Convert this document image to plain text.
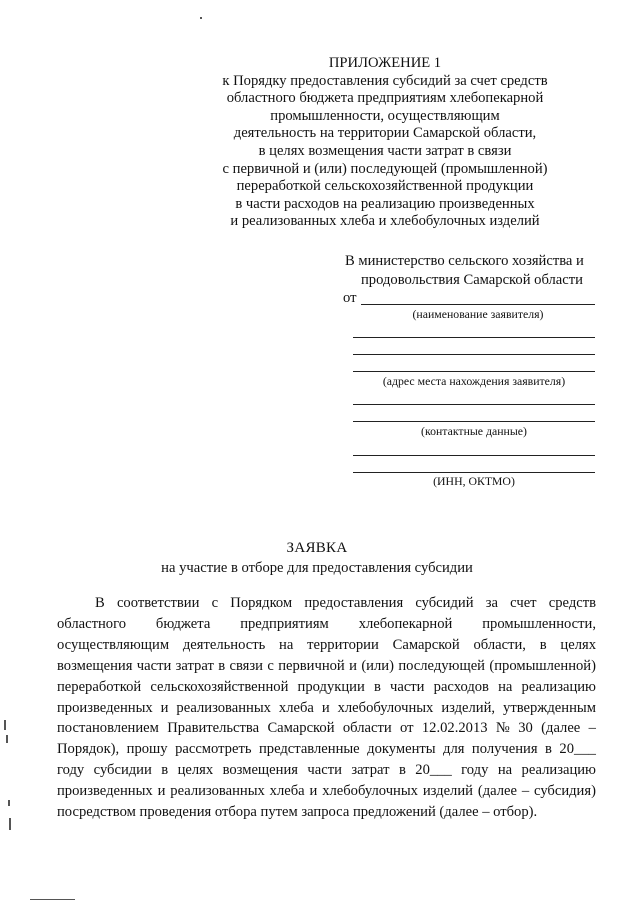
ПРИЛОЖЕНИЕ 1

к Порядку предоставления субсидий за счет средств

областного бюджета предприятиям хлебопекарной

промышленности, осуществляющим

деятельность на территории Самарской области,

в целях возмещения части затрат в связи

с первичной и (или) последующей (промышленной)

переработкой сельскохозяйственной продукции

в части расходов на реализацию произведенных

и реализованных хлеба и хлебобулочных изделий

В министерство сельского хозяйства и
продовольствия Самарской области
от
(наименование заявителя)
(адрес места нахождения заявителя)
(контактные данные)
(ИНН, ОКТМО)
ЗАЯВКА
на участие в отборе для предоставления субсидии
В соответствии с Порядком предоставления субсидий за счет средств
областного бюджета предприятиям хлебопекарной промышленности,
осуществляющим деятельность на территории Самарской области, в целях
возмещения части затрат в связи с первичной и (или) последующей (промышленной)
переработкой сельскохозяйственной продукции в части расходов на реализацию
произведенных и реализованных хлеба и хлебобулочных изделий, утвержденным
постановлением Правительства Самарской области от 12.02.2013 № 30 (далее –
Порядок), прошу рассмотреть представленные документы для получения в 20___
году субсидии в целях возмещения части затрат в 20___ году на реализацию
произведенных и реализованных хлеба и хлебобулочных изделий (далее – субсидия)
посредством проведения отбора путем запроса предложений (далее – отбор).
